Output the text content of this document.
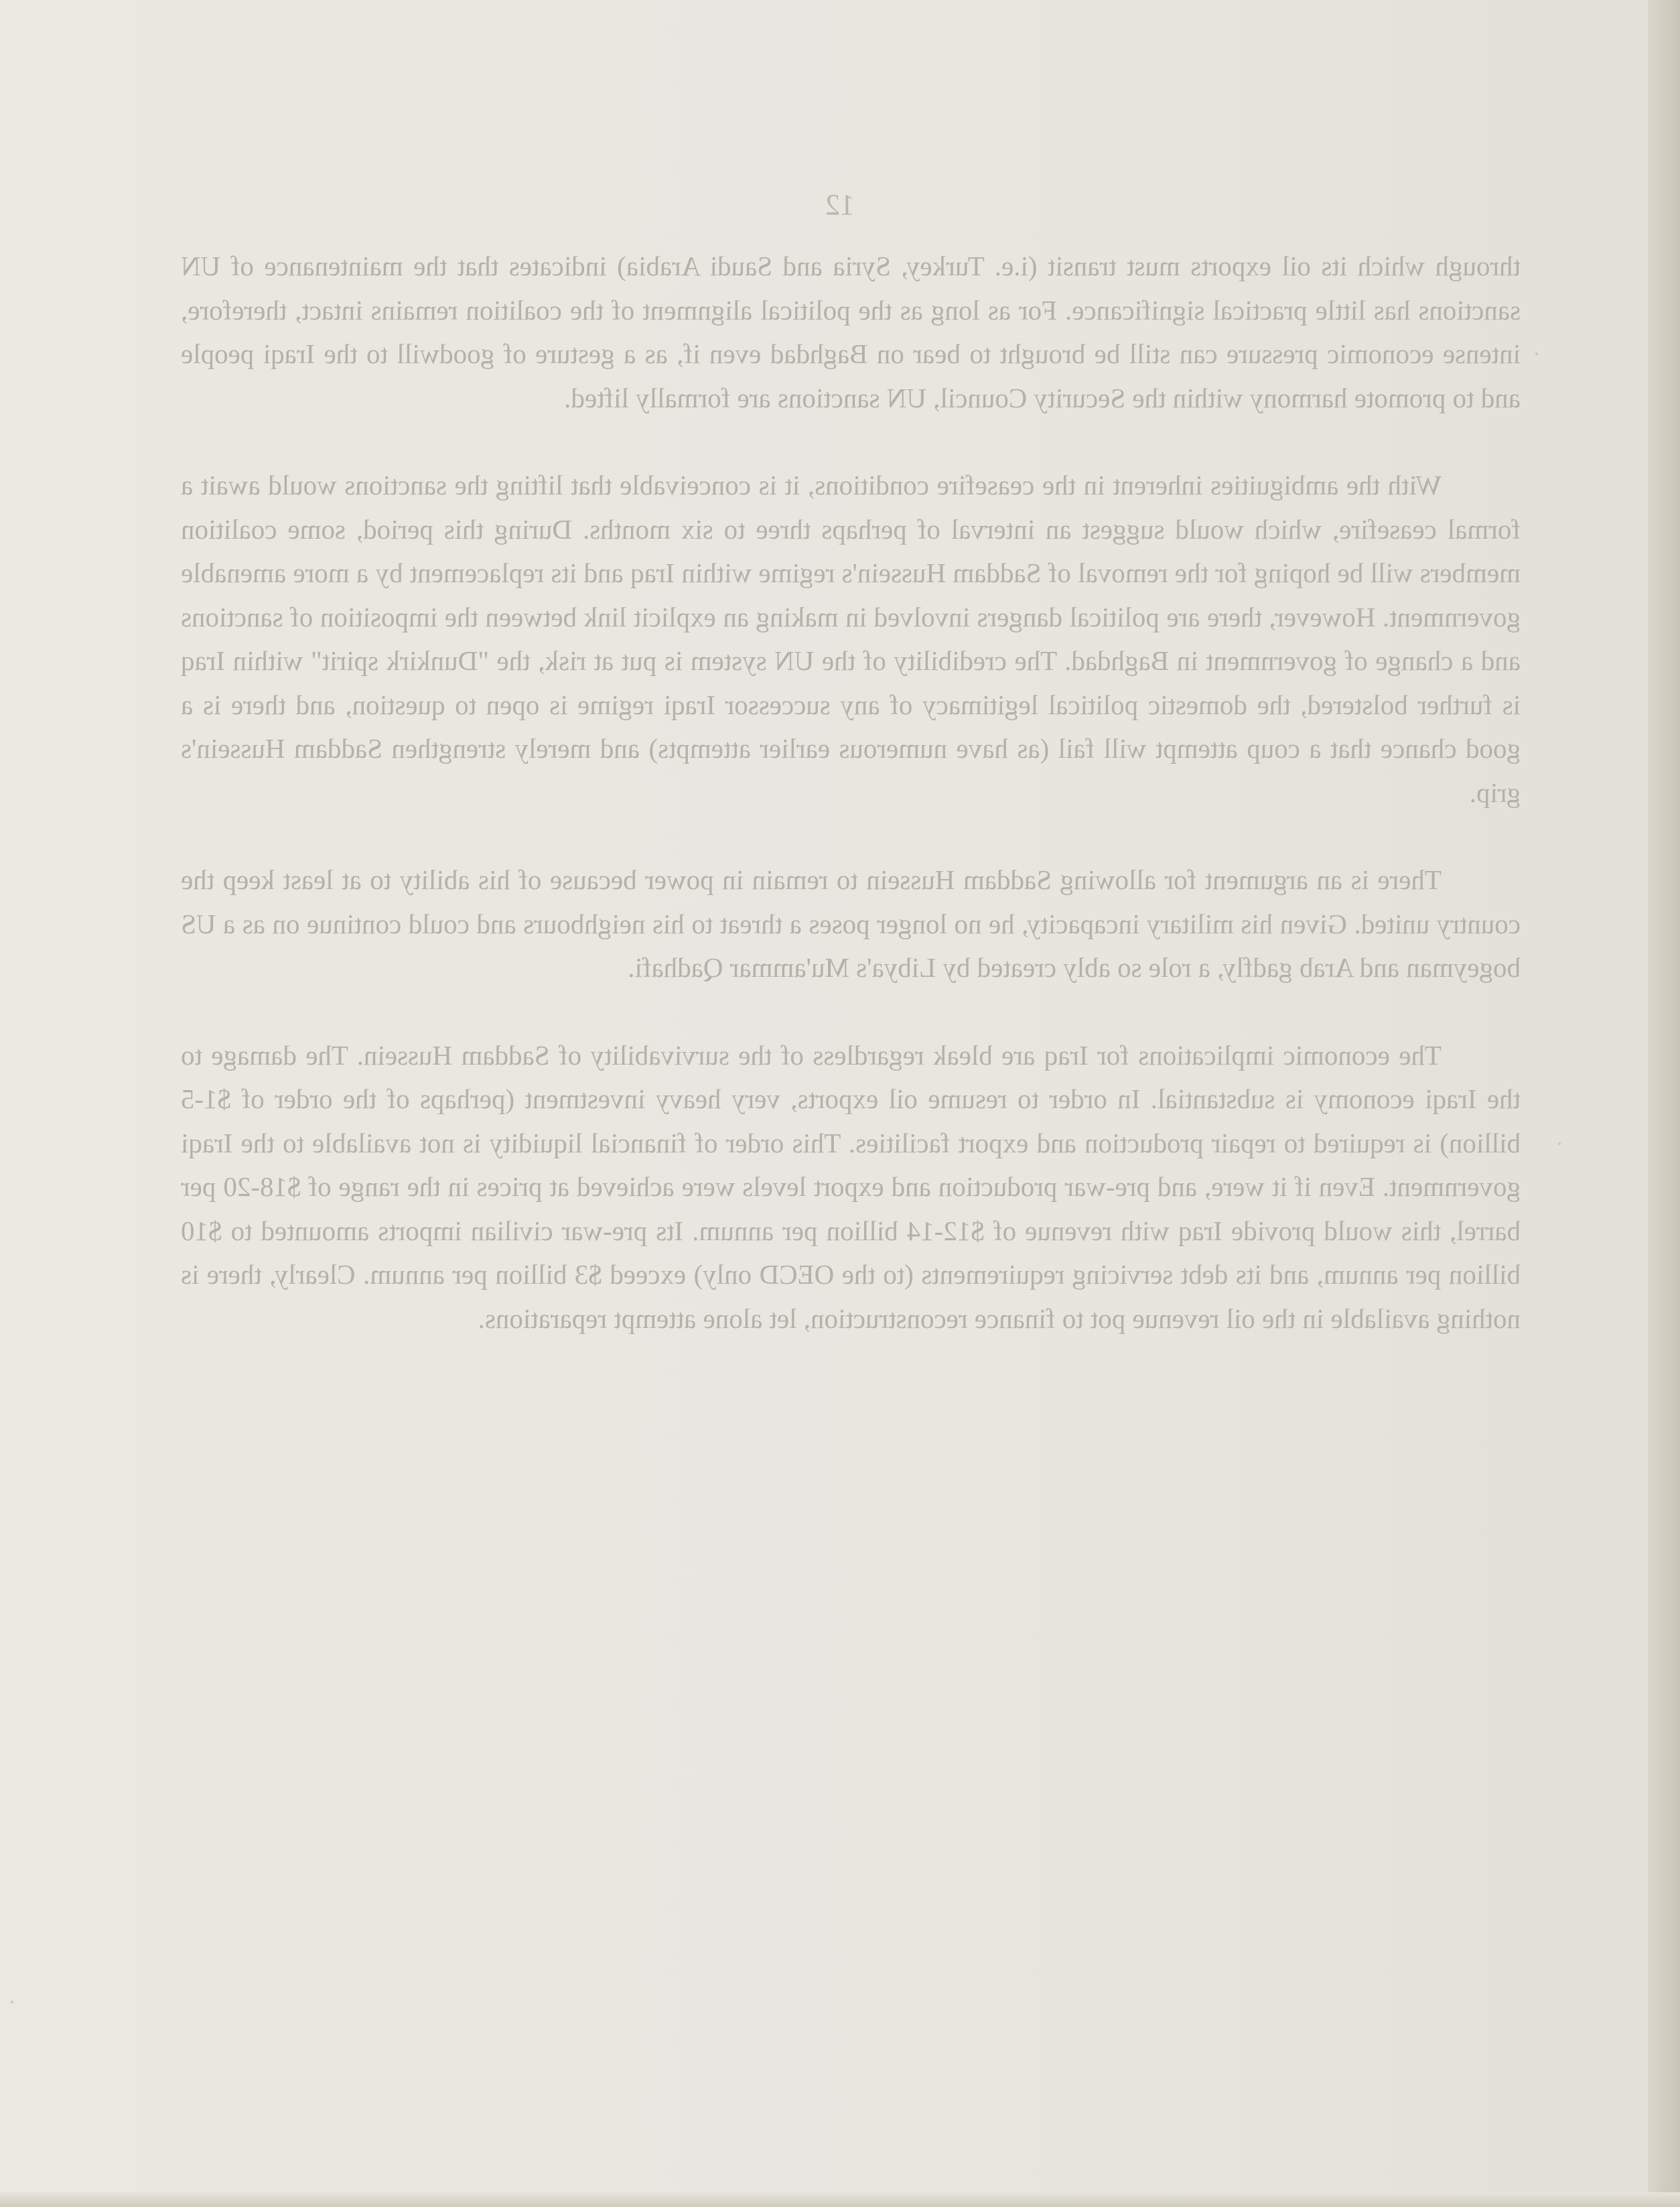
12

through which its oil exports must transit (i.e. Turkey, Syria and Saudi Arabia) indicates that the maintenance of UN sanctions has little practical significance. For as long as the political alignment of the coalition remains intact, therefore, intense economic pressure can still be brought to bear on Baghdad even if, as a gesture of goodwill to the Iraqi people and to promote harmony within the Security Council, UN sanctions are formally lifted.

With the ambiguities inherent in the ceasefire conditions, it is conceivable that lifting the sanctions would await a formal ceasefire, which would suggest an interval of perhaps three to six months. During this period, some coalition members will be hoping for the removal of Saddam Hussein's regime within Iraq and its replacement by a more amenable government. However, there are political dangers involved in making an explicit link between the imposition of sanctions and a change of government in Baghdad. The credibility of the UN system is put at risk, the "Dunkirk spirit" within Iraq is further bolstered, the domestic political legitimacy of any successor Iraqi regime is open to question, and there is a good chance that a coup attempt will fail (as have numerous earlier attempts) and merely strengthen Saddam Hussein's grip.

There is an argument for allowing Saddam Hussein to remain in power because of his ability to at least keep the country united. Given his military incapacity, he no longer poses a threat to his neighbours and could continue on as a US bogeyman and Arab gadfly, a role so ably created by Libya's Mu'ammar Qadhafi.

The economic implications for Iraq are bleak regardless of the survivability of Saddam Hussein. The damage to the Iraqi economy is substantial. In order to resume oil exports, very heavy investment (perhaps of the order of $1-5 billion) is required to repair production and export facilities. This order of financial liquidity is not available to the Iraqi government. Even if it were, and pre-war production and export levels were achieved at prices in the range of $18-20 per barrel, this would provide Iraq with revenue of $12-14 billion per annum. Its pre-war civilian imports amounted to $10 billion per annum, and its debt servicing requirements (to the OECD only) exceed $3 billion per annum. Clearly, there is nothing available in the oil revenue pot to finance reconstruction, let alone attempt reparations.
